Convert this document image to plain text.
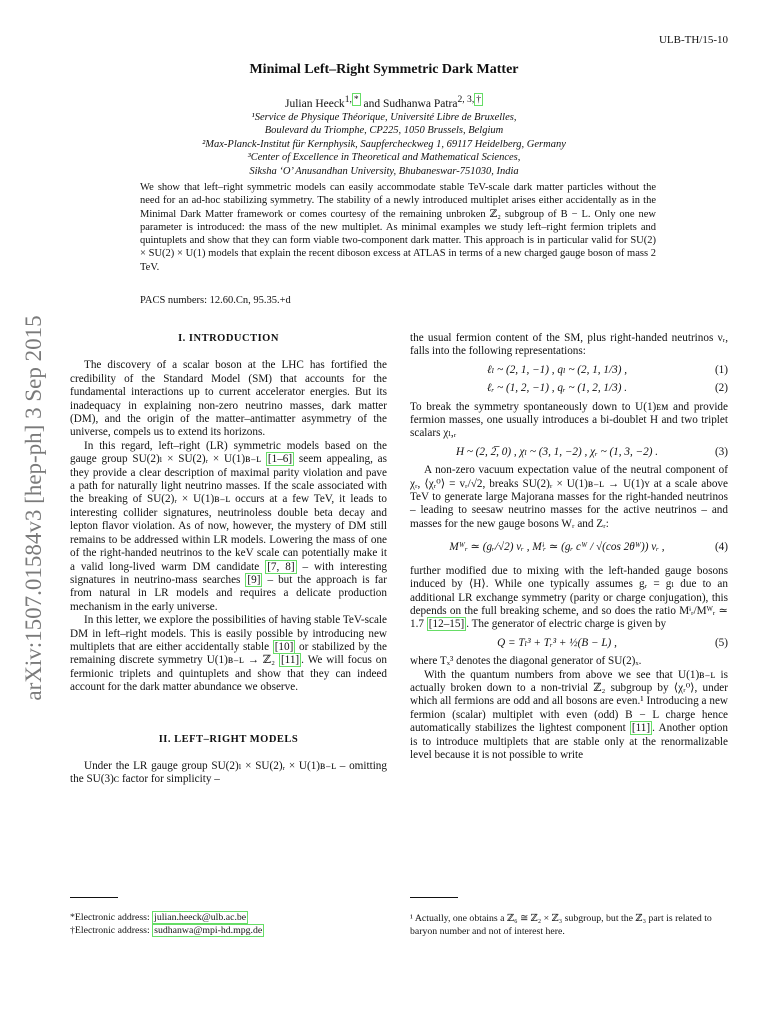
ULB-TH/15-10
Minimal Left–Right Symmetric Dark Matter
Julian Heeck$^{1, *}$ and Sudhanwa Patra$^{2, 3, \dagger}$
¹Service de Physique Théorique, Université Libre de Bruxelles,
Boulevard du Triomphe, CP225, 1050 Brussels, Belgium
²Max-Planck-Institut für Kernphysik, Saupfercheckweg 1, 69117 Heidelberg, Germany
³Center of Excellence in Theoretical and Mathematical Sciences,
Siksha ‘O’ Anusandhan University, Bhubaneswar-751030, India
We show that left–right symmetric models can easily accommodate stable TeV-scale dark matter particles without the need for an ad-hoc stabilizing symmetry. The stability of a newly introduced multiplet arises either accidentally as in the Minimal Dark Matter framework or comes courtesy of the remaining unbroken ℤ₂ subgroup of B − L. Only one new parameter is introduced: the mass of the new multiplet. As minimal examples we study left–right fermion triplets and quintuplets and show that they can form viable two-component dark matter. This approach is in particular valid for SU(2) × SU(2) × U(1) models that explain the recent diboson excess at ATLAS in terms of a new charged gauge boson of mass 2 TeV.
PACS numbers: 12.60.Cn, 95.35.+d
arXiv:1507.01584v3 [hep-ph] 3 Sep 2015	I. INTRODUCTION

The discovery of a scalar boson at the LHC has fortified the credibility of the Standard Model (SM) that accounts for the fundamental interactions up to current accelerator energies. But its inadequacy in explaining non-zero neutrino masses, dark matter (DM), and the origin of the matter–antimatter asymmetry of the universe, compels us to extend its horizons.

In this regard, left–right (LR) symmetric models based on the gauge group SU(2)ₗ × SU(2)ᵣ × U(1)ʙ₋ʟ [1–6] seem appealing, as they provide a clear description of maximal parity violation and pave a path for naturally light neutrino masses. If the scale associated with the breaking of SU(2)ᵣ × U(1)ʙ₋ʟ occurs at a few TeV, it leads to interesting collider signatures, neutrinoless double beta decay and lepton flavor violation. As of now, however, the mystery of DM still remains to be addressed within LR models. Lowering the mass of one of the right-handed neutrinos to the keV scale can potentially make it a valid long-lived warm DM candidate [7, 8] – with interesting signatures in neutrino-mass searches [9] – but the approach is far from natural in LR models and requires a delicate production mechanism in the early universe.

In this letter, we explore the possibilities of having stable TeV-scale DM in left–right models. This is easily possible by introducing new multiplets that are either accidentally stable [10] or stabilized by the remaining discrete symmetry U(1)ʙ₋ʟ → ℤ₂ [11] . We will focus on fermionic triplets and quintuplets and show that they can indeed account for the dark matter abundance we observe.

II. LEFT–RIGHT MODELS

Under the LR gauge group SU(2)ₗ × SU(2)ᵣ × U(1)ʙ₋ʟ – omitting the SU(3)ᴄ factor for simplicity –

the usual fermion content of the SM, plus right-handed neutrinos νᵣ, falls into the following representations:

ℓₗ ~ (2, 1, −1) , qₗ ~ (2, 1, 1/3) ,	(1)
ℓᵣ ~ (1, 2, −1) , qᵣ ~ (1, 2, 1/3) .	(2)

To break the symmetry spontaneously down to U(1)ᴇᴍ and provide fermion masses, one usually introduces a bi-doublet H and two triplet scalars χₗ,ᵣ

H ~ (2, 2̅, 0) , χₗ ~ (3, 1, −2) , χᵣ ~ (1, 3, −2) .	(3)

A non-zero vacuum expectation value of the neutral component of χᵣ, ⟨χᵣ⁰⟩ = vᵣ/√2, breaks SU(2)ᵣ × U(1)ʙ₋ʟ → U(1)ʏ at a scale above TeV to generate large Majorana masses for the right-handed neutrinos – leading to seesaw neutrino masses for the active neutrinos – and masses for the new gauge bosons Wᵣ and Zᵣ:

Mᵂᵣ ≃ (gᵣ/√2) vᵣ , Mᶤᵣ ≃ (gᵣ cᵂ / √(cos 2θᵂ)) vᵣ ,	(4)

further modified due to mixing with the left-handed gauge bosons induced by ⟨H⟩. While one typically assumes gᵣ = gₗ due to an additional LR exchange symmetry (parity or charge conjugation), this depends on the full breaking scheme, and so does the ratio Mᶤᵣ/Mᵂᵣ ≃ 1.7 [12–15] . The generator of electric charge is given by

Q = Tₗ³ + Tᵣ³ + ½(B − L) ,	(5)

where Tₓ³ denotes the diagonal generator of SU(2)ₓ.

With the quantum numbers from above we see that U(1)ʙ₋ʟ is actually broken down to a non-trivial ℤ₂ subgroup by ⟨χᵣ⁰⟩, under which all fermions are odd and all bosons are even.¹ Introducing a new fermion (scalar) multiplet with even (odd) B − L charge hence automatically stabilizes the lightest component [11] . Another option is to introduce multiplets that are stable only at the renormalizable level because it is not possible to write

*Electronic address: julian.heeck@ulb.ac.be
†Electronic address: sudhanwa@mpi-hd.mpg.de
¹ Actually, one obtains a ℤ₆ ≅ ℤ₂ × ℤ₃ subgroup, but the ℤ₃ part is related to baryon number and not of interest here.
